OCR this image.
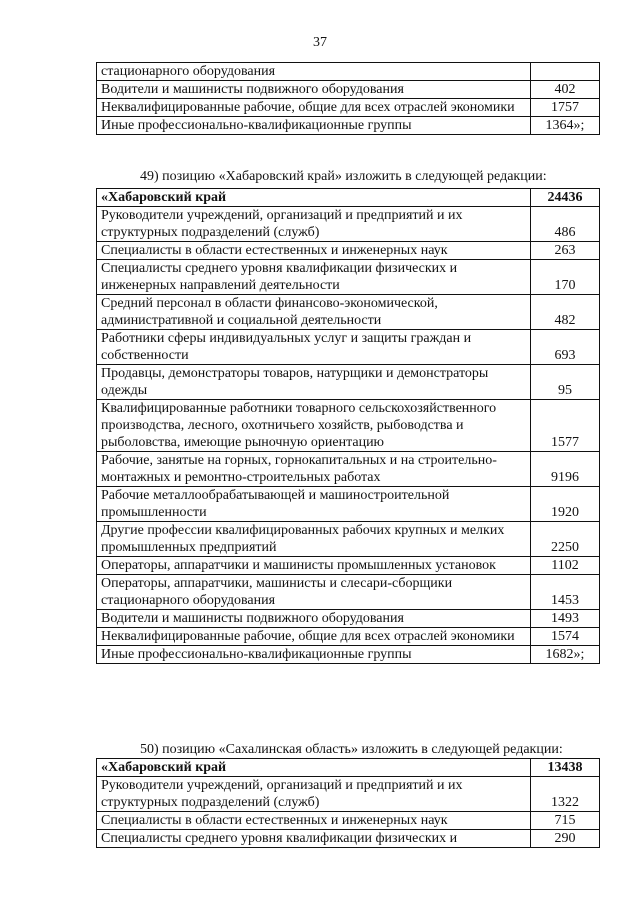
37
стационарного оборудования	
Водители и машинисты подвижного оборудования	402
Неквалифицированные рабочие, общие для всех отраслей экономики	1757
Иные профессионально-квалификационные группы	1364»;
49) позицию «Хабаровский край» изложить в следующей редакции:
«Хабаровский край	24436
Руководители учреждений, организаций и предприятий и их структурных подразделений (служб)	486
Специалисты в области естественных и инженерных наук	263
Специалисты среднего уровня квалификации физических и инженерных направлений деятельности	170
Средний персонал в области финансово-экономической, административной и социальной деятельности	482
Работники сферы индивидуальных услуг и защиты граждан и собственности	693
Продавцы, демонстраторы товаров, натурщики и демонстраторы одежды	95
Квалифицированные работники товарного сельскохозяйственного производства, лесного, охотничьего хозяйств, рыбоводства и рыболовства, имеющие рыночную ориентацию	1577
Рабочие, занятые на горных, горнокапитальных и на строительно-монтажных и ремонтно-строительных работах	9196
Рабочие металлообрабатывающей и машиностроительной промышленности	1920
Другие профессии квалифицированных рабочих крупных и мелких промышленных предприятий	2250
Операторы, аппаратчики и машинисты промышленных установок	1102
Операторы, аппаратчики, машинисты и слесари-сборщики стационарного оборудования	1453
Водители и машинисты подвижного оборудования	1493
Неквалифицированные рабочие, общие для всех отраслей экономики	1574
Иные профессионально-квалификационные группы	1682»;
50) позицию «Сахалинская область» изложить в следующей редакции:
«Хабаровский край	13438
Руководители учреждений, организаций и предприятий и их структурных подразделений (служб)	1322
Специалисты в области естественных и инженерных наук	715
Специалисты среднего уровня квалификации физических и	290
